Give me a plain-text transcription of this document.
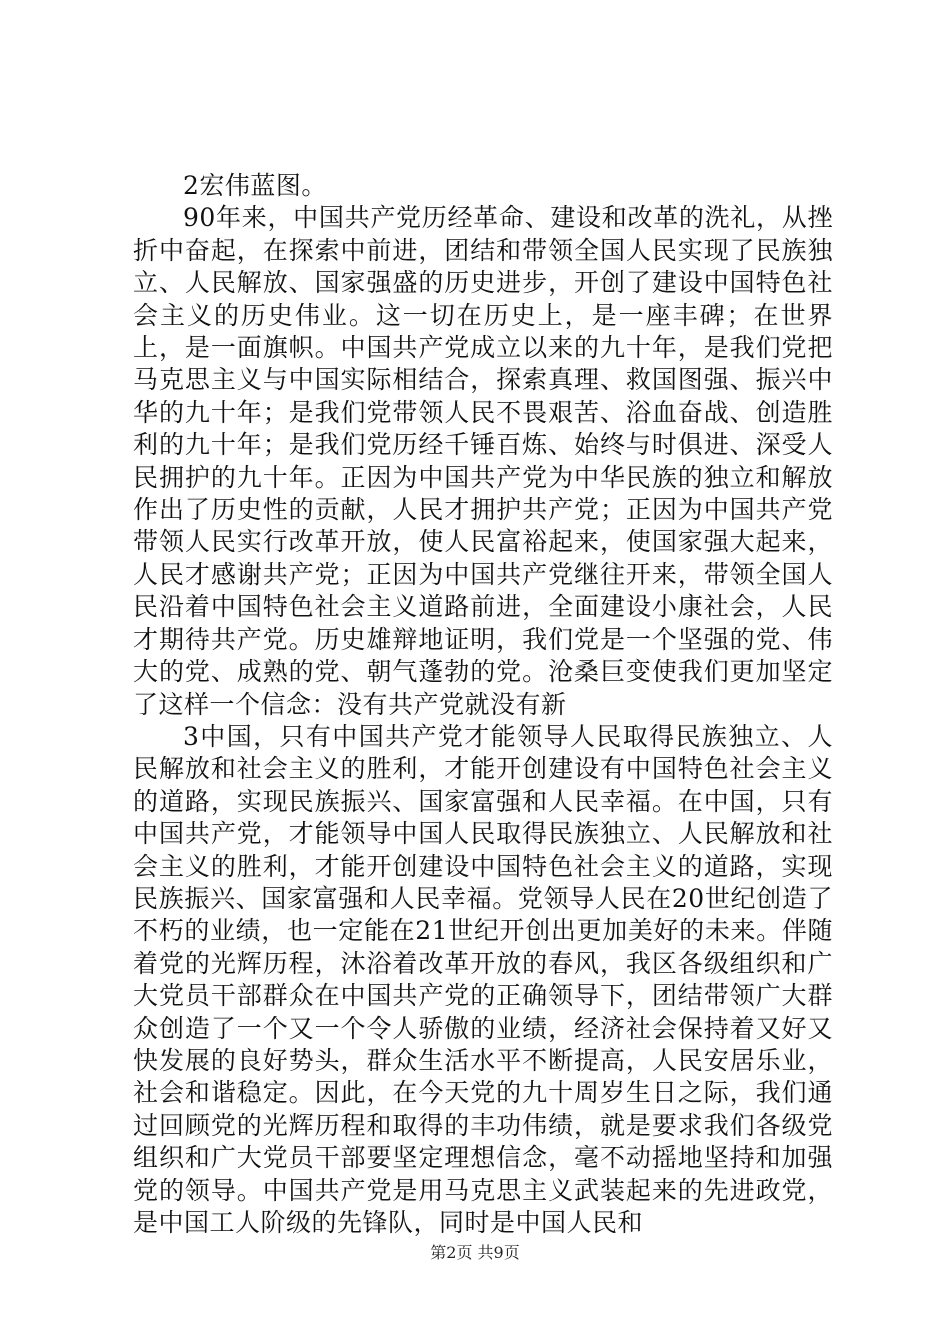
2宏伟蓝图。

90年来，中国共产党历经革命、建设和改革的洗礼，从挫折中奋起，在探索中前进，团结和带领全国人民实现了民族独立、人民解放、国家强盛的历史进步，开创了建设中国特色社会主义的历史伟业。这一切在历史上，是一座丰碑；在世界上，是一面旗帜。中国共产党成立以来的九十年，是我们党把马克思主义与中国实际相结合，探索真理、救国图强、振兴中华的九十年；是我们党带领人民不畏艰苦、浴血奋战、创造胜利的九十年；是我们党历经千锤百炼、始终与时俱进、深受人民拥护的九十年。正因为中国共产党为中华民族的独立和解放作出了历史性的贡献，人民才拥护共产党；正因为中国共产党带领人民实行改革开放，使人民富裕起来，使国家强大起来，人民才感谢共产党；正因为中国共产党继往开来，带领全国人民沿着中国特色社会主义道路前进，全面建设小康社会，人民才期待共产党。历史雄辩地证明，我们党是一个坚强的党、伟大的党、成熟的党、朝气蓬勃的党。沧桑巨变使我们更加坚定了这样一个信念：没有共产党就没有新

3中国，只有中国共产党才能领导人民取得民族独立、人民解放和社会主义的胜利，才能开创建设有中国特色社会主义的道路，实现民族振兴、国家富强和人民幸福。在中国，只有中国共产党，才能领导中国人民取得民族独立、人民解放和社会主义的胜利，才能开创建设中国特色社会主义的道路，实现民族振兴、国家富强和人民幸福。党领导人民在20世纪创造了不朽的业绩，也一定能在21世纪开创出更加美好的未来。伴随着党的光辉历程，沐浴着改革开放的春风，我区各级组织和广大党员干部群众在中国共产党的正确领导下，团结带领广大群众创造了一个又一个令人骄傲的业绩，经济社会保持着又好又快发展的良好势头，群众生活水平不断提高，人民安居乐业，社会和谐稳定。因此，在今天党的九十周岁生日之际，我们通过回顾党的光辉历程和取得的丰功伟绩，就是要求我们各级党组织和广大党员干部要坚定理想信念，毫不动摇地坚持和加强党的领导。中国共产党是用马克思主义武装起来的先进政党，是中国工人阶级的先锋队，同时是中国人民和

第2页 共9页
